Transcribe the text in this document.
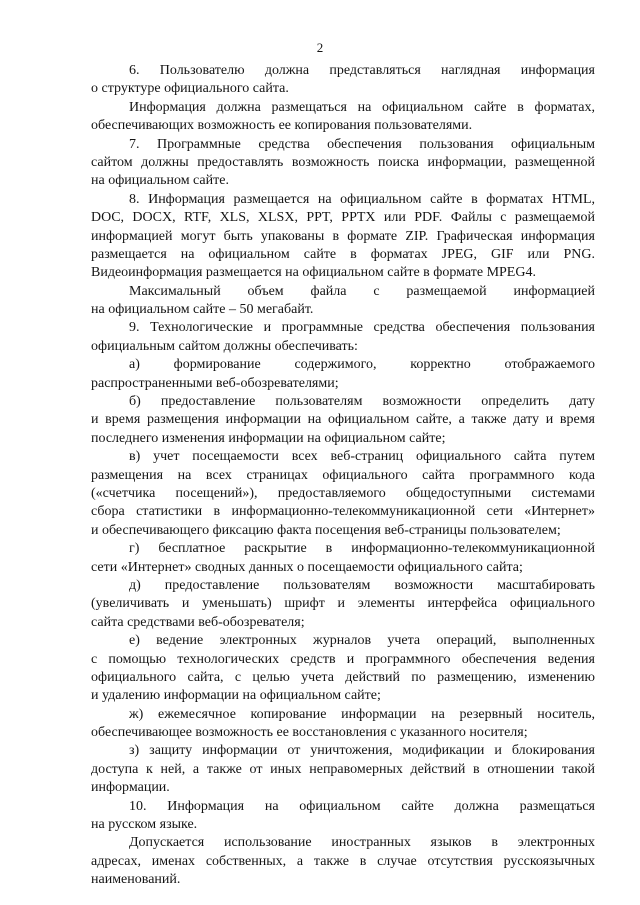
2
6. Пользователю должна представляться наглядная информация
о структуре официального сайта.
Информация должна размещаться на официальном сайте в форматах,
обеспечивающих возможность ее копирования пользователями.
7. Программные средства обеспечения пользования официальным
сайтом должны предоставлять возможность поиска информации, размещенной
на официальном сайте.
8. Информация размещается на официальном сайте в форматах HTML,
DOC, DOCX, RTF, XLS, XLSX, PPT, PPTX или PDF. Файлы с размещаемой
информацией могут быть упакованы в формате ZIP. Графическая информация
размещается на официальном сайте в форматах JPEG, GIF или PNG.
Видеоинформация размещается на официальном сайте в формате MPEG4.
Максимальный объем файла с размещаемой информацией
на официальном сайте – 50 мегабайт.
9. Технологические и программные средства обеспечения пользования
официальным сайтом должны обеспечивать:
а) формирование содержимого, корректно отображаемого
распространенными веб-обозревателями;
б) предоставление пользователям возможности определить дату
и время размещения информации на официальном сайте, а также дату и время
последнего изменения информации на официальном сайте;
в) учет посещаемости всех веб-страниц официального сайта путем
размещения на всех страницах официального сайта программного кода
(«счетчика посещений»), предоставляемого общедоступными системами
сбора статистики в информационно-телекоммуникационной сети «Интернет»
и обеспечивающего фиксацию факта посещения веб-страницы пользователем;
г) бесплатное раскрытие в информационно-телекоммуникационной
сети «Интернет» сводных данных о посещаемости официального сайта;
д) предоставление пользователям возможности масштабировать
(увеличивать и уменьшать) шрифт и элементы интерфейса официального
сайта средствами веб-обозревателя;
е) ведение электронных журналов учета операций, выполненных
с помощью технологических средств и программного обеспечения ведения
официального сайта, с целью учета действий по размещению, изменению
и удалению информации на официальном сайте;
ж) ежемесячное копирование информации на резервный носитель,
обеспечивающее возможность ее восстановления с указанного носителя;
з) защиту информации от уничтожения, модификации и блокирования
доступа к ней, а также от иных неправомерных действий в отношении такой
информации.
10. Информация на официальном сайте должна размещаться
на русском языке.
Допускается использование иностранных языков в электронных
адресах, именах собственных, а также в случае отсутствия русскоязычных
наименований.
